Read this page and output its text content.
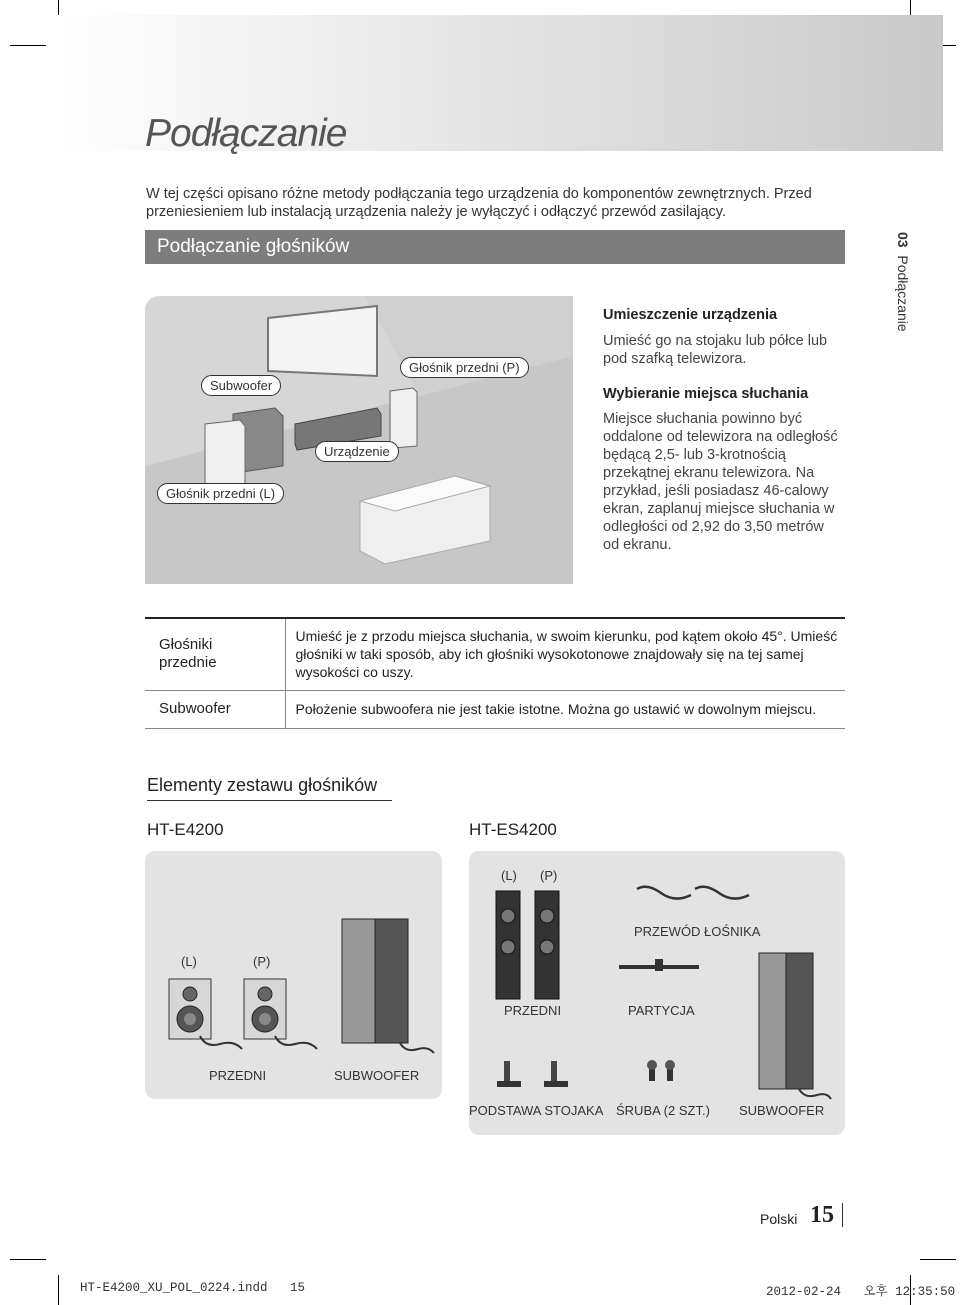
Podłączanie

W tej części opisano różne metody podłączania tego urządzenia do komponentów zewnętrznych. Przed przeniesieniem lub instalacją urządzenia należy je wyłączyć i odłączyć przewód zasilający.

Podłączanie głośników	03  Podłączanie
Subwoofer
Głośnik przedni (P)
Urządzenie
Głośnik przedni (L)
Umieszczenie urządzenia
Umieść go na stojaku lub półce lub pod szafką telewizora.
Wybieranie miejsca słuchania
Miejsce słuchania powinno być oddalone od telewizora na odległość będącą 2,5- lub 3-krotnością przekątnej ekranu telewizora. Na przykład, jeśli posiadasz 46-calowy ekran, zaplanuj miejsce słuchania w odległości od 2,92 do 3,50 metrów od ekranu.
Głośniki przednie	Umieść je z przodu miejsca słuchania, w swoim kierunku, pod kątem około 45°. Umieść głośniki w taki sposób, aby ich głośniki wysokotonowe znajdowały się na tej samej wysokości co uszy.
Subwoofer	Położenie subwoofera nie jest takie istotne. Można go ustawić w dowolnym miejscu.
Elementy zestawu głośników
HT-E4200	HT-ES4200
(L)	(P)
PRZEDNI	SUBWOOFER
(L) (P)
PRZEWÓD ŁOŚNIKA
PRZEDNI	PARTYCJA
PODSTAWA STOJAKA ŚRUBA (2 SZT.) SUBWOOFER
Polski 15
HT-E4200_XU_POL_0224.indd   15	2012-02-24   오후 12:35:50
